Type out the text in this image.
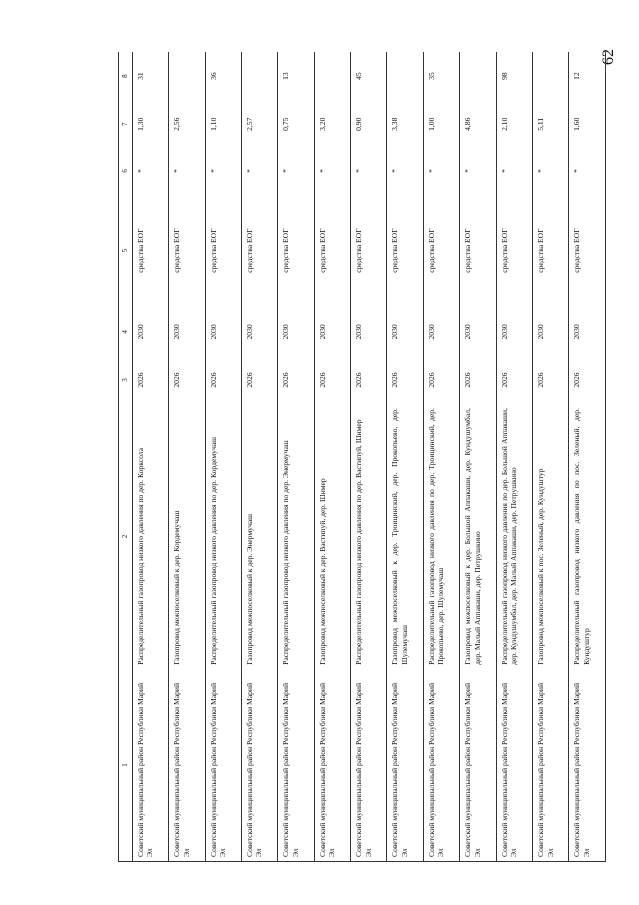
62
1	2	3	4	5	6	7	8
Советский муниципальный район Республики Марий Эл	Распределительный газопровод низкого давления по дер. Корксола	2026	2030	средства ЕОГ	*	1,30	31
Советский муниципальный район Республики Марий Эл	Газопровод межпоселковый к дер. Кордемучаш	2026	2030	средства ЕОГ	*	2,56	
Советский муниципальный район Республики Марий Эл	Распределительный газопровод низкого давления по дер. Кордемучаш	2026	2030	средства ЕОГ	*	1,10	36
Советский муниципальный район Республики Марий Эл	Газопровод межпоселковый к дер. Энермучаш	2026	2030	средства ЕОГ	*	2,57	
Советский муниципальный район Республики Марий Эл	Распределительный газопровод низкого давления по дер. Энермучаш	2026	2030	средства ЕОГ	*	0,75	13
Советский муниципальный район Республики Марий Эл	Газопровод межпоселковый к дер. Вастипуй, дер. Шимер	2026	2030	средства ЕОГ	*	3,20	
Советский муниципальный район Республики Марий Эл	Распределительный газопровод низкого давления по дер. Вастипуй, Шимер	2026	2030	средства ЕОГ	*	0,90	45
Советский муниципальный район Республики Марий Эл	Газопровод межпоселковый к дер. Троицинский, дер. Прокопьево, дер. Шулемучаш	2026	2030	средства ЕОГ	*	3,38	
Советский муниципальный район Республики Марий Эл	Распределительный газопровод низкого давления по дер. Троицинский, дер. Прокопьево, дер. Шулемучаш	2026	2030	средства ЕОГ	*	1,00	35
Советский муниципальный район Республики Марий Эл	Газопровод межпоселковый к дер. Большой Аппакаши, дер. Кундушумбал, дер. Малый Аппакаши, дер. Петрушкино	2026	2030	средства ЕОГ	*	4,86	
Советский муниципальный район Республики Марий Эл	Распределительный газопровод низкого давления по дер. Большой Аппакаши, дер. Кундушумбал, дер. Малый Аппакаши, дер. Петрушкино	2026	2030	средства ЕОГ	*	2,10	98
Советский муниципальный район Республики Марий Эл	Газопровод межпоселковый к пос. Зеленый, дер. Кундуштур	2026	2030	средства ЕОГ	*	5,11	
Советский муниципальный район Республики Марий Эл	Распределительный газопровод низкого давления по пос. Зеленый, дер. Кундуштур	2026	2030	средства ЕОГ	*	1,60	12
